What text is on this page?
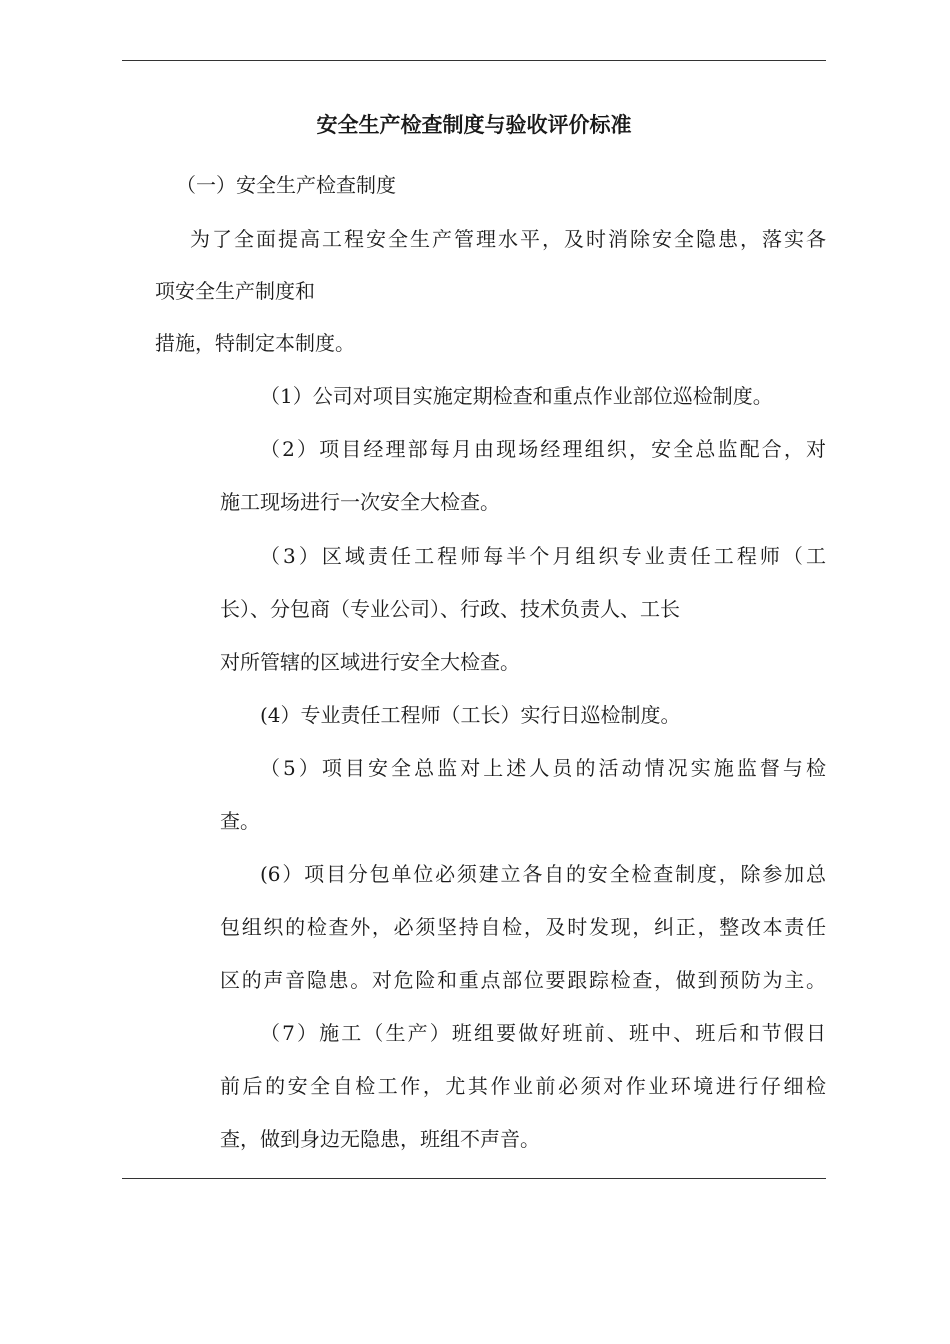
安全生产检查制度与验收评价标准

（一）安全生产检查制度

为了全面提高工程安全生产管理水平，及时消除安全隐患，落实各

项安全生产制度和

措施，特制定本制度。

（1）公司对项目实施定期检查和重点作业部位巡检制度。

（2）项目经理部每月由现场经理组织，安全总监配合，对

施工现场进行一次安全大检查。

（3）区域责任工程师每半个月组织专业责任工程师（工

长）、分包商（专业公司）、行政、技术负责人、工长

对所管辖的区域进行安全大检查。

(4）专业责任工程师（工长）实行日巡检制度。

（5）项目安全总监对上述人员的活动情况实施监督与检

查。

(6）项目分包单位必须建立各自的安全检查制度，除参加总

包组织的检查外，必须坚持自检，及时发现，纠正，整改本责任

区的声音隐患。对危险和重点部位要跟踪检查，做到预防为主。

（7）施工（生产）班组要做好班前、班中、班后和节假日

前后的安全自检工作，尤其作业前必须对作业环境进行仔细检

查，做到身边无隐患，班组不声音。
